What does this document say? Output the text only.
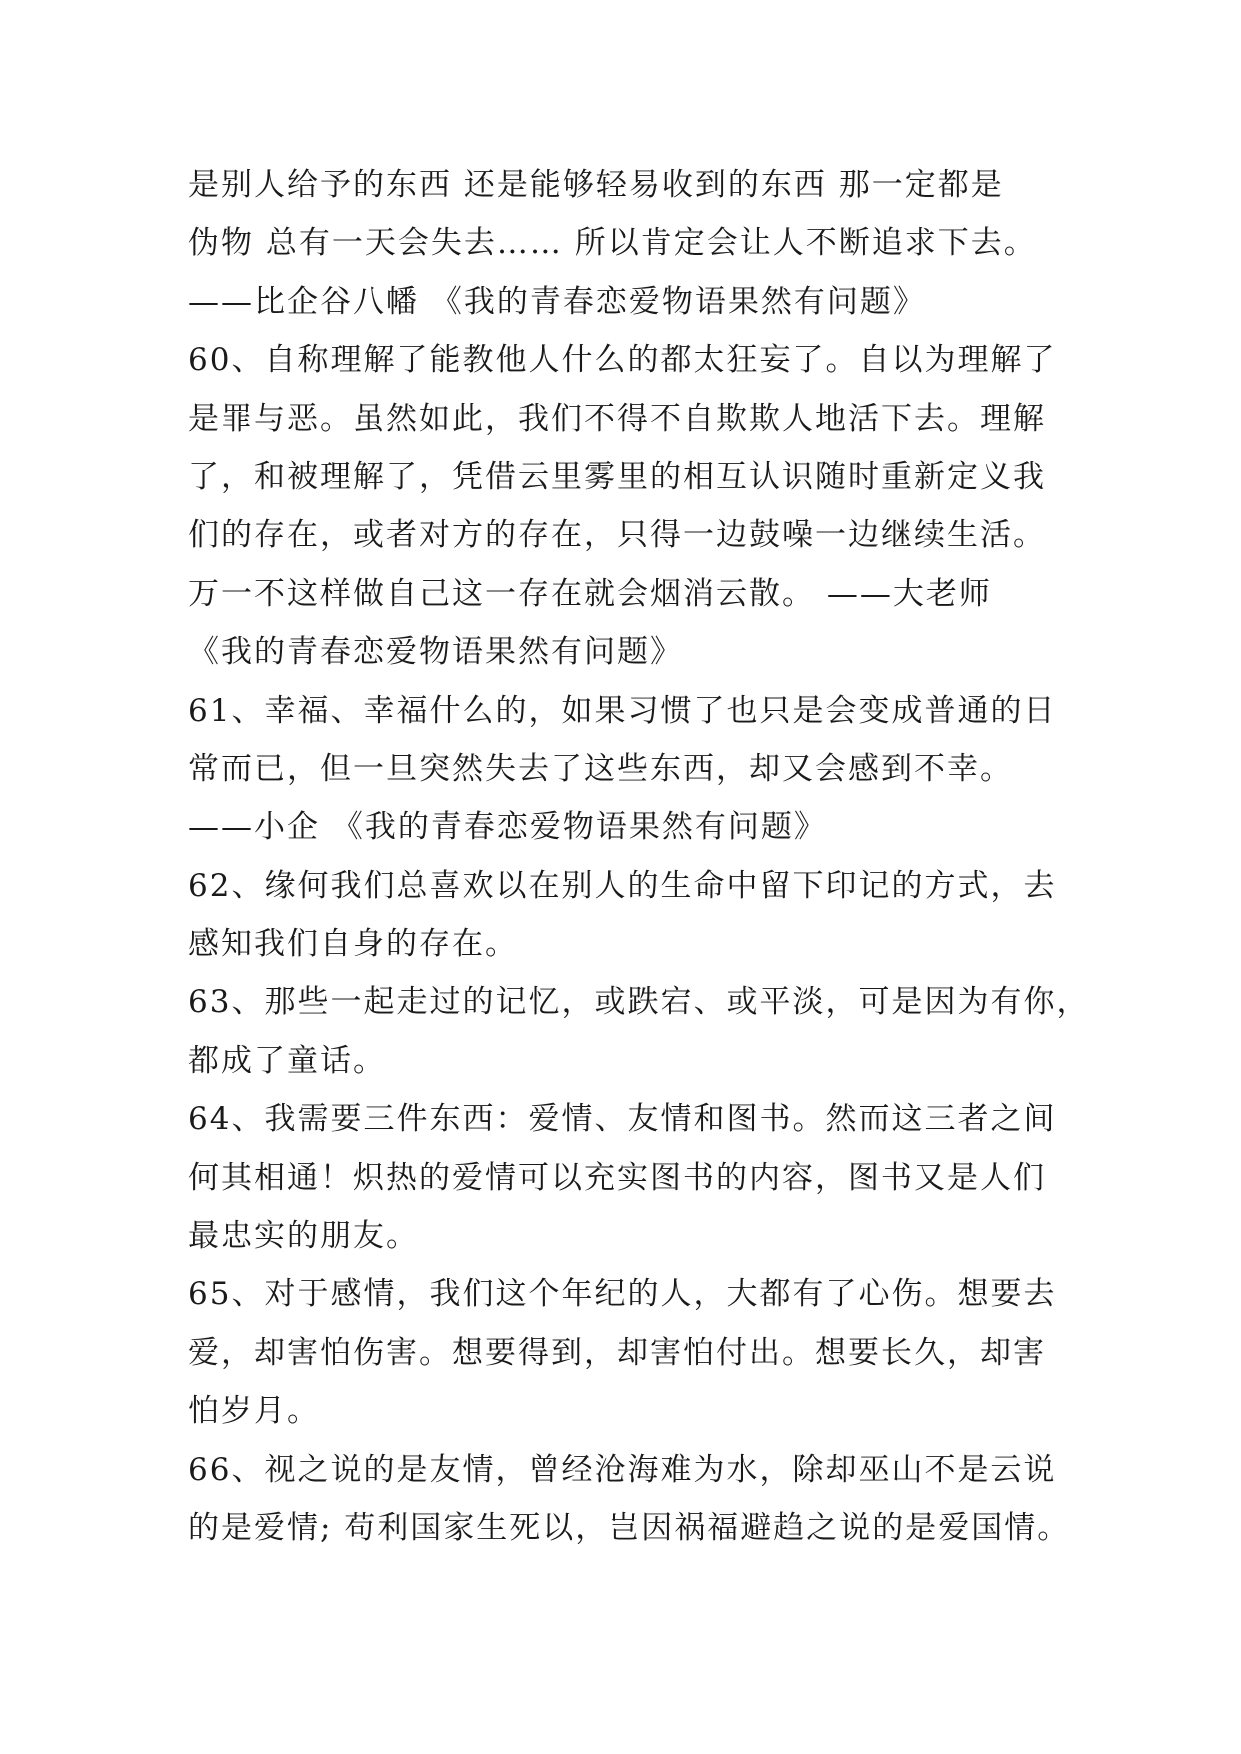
是别人给予的东西 还是能够轻易收到的东西 那一定都是
伪物 总有一天会失去…… 所以肯定会让人不断追求下去。
——比企谷八幡 《我的青春恋爱物语果然有问题》
60、自称理解了能教他人什么的都太狂妄了。自以为理解了
是罪与恶。虽然如此，我们不得不自欺欺人地活下去。理解
了，和被理解了，凭借云里雾里的相互认识随时重新定义我
们的存在，或者对方的存在，只得一边鼓噪一边继续生活。
万一不这样做自己这一存在就会烟消云散。 ——大老师
《我的青春恋爱物语果然有问题》
61、幸福、幸福什么的，如果习惯了也只是会变成普通的日
常而已，但一旦突然失去了这些东西，却又会感到不幸。
——小企 《我的青春恋爱物语果然有问题》
62、缘何我们总喜欢以在别人的生命中留下印记的方式，去
感知我们自身的存在。
63、那些一起走过的记忆，或跌宕、或平淡，可是因为有你，
都成了童话。
64、我需要三件东西：爱情、友情和图书。然而这三者之间
何其相通！炽热的爱情可以充实图书的内容，图书又是人们
最忠实的朋友。
65、对于感情，我们这个年纪的人，大都有了心伤。想要去
爱，却害怕伤害。想要得到，却害怕付出。想要长久，却害
怕岁月。
66、视之说的是友情，曾经沧海难为水，除却巫山不是云说
的是爱情; 苟利国家生死以，岂因祸福避趋之说的是爱国情。
